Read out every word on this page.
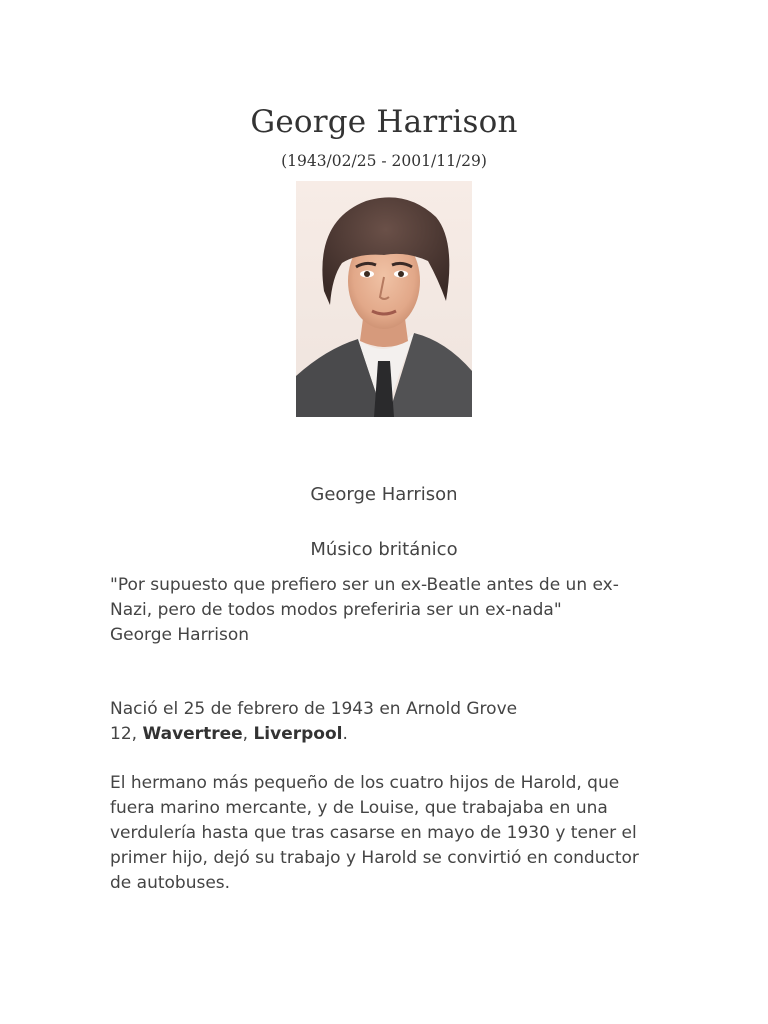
George Harrison
(1943/02/25 - 2001/11/29)
George Harrison
Músico británico
"Por supuesto que prefiero ser un ex-Beatle antes de un ex-Nazi, pero de todos modos preferiria ser un ex-nada"
George Harrison
Nació el 25 de febrero de 1943 en Arnold Grove
12, Wavertree, Liverpool.
El hermano más pequeño de los cuatro hijos de Harold, que fuera marino mercante, y de Louise, que trabajaba en una verdulería hasta que tras casarse en mayo de 1930 y tener el primer hijo, dejó su trabajo y Harold se convirtió en conductor de autobuses.
